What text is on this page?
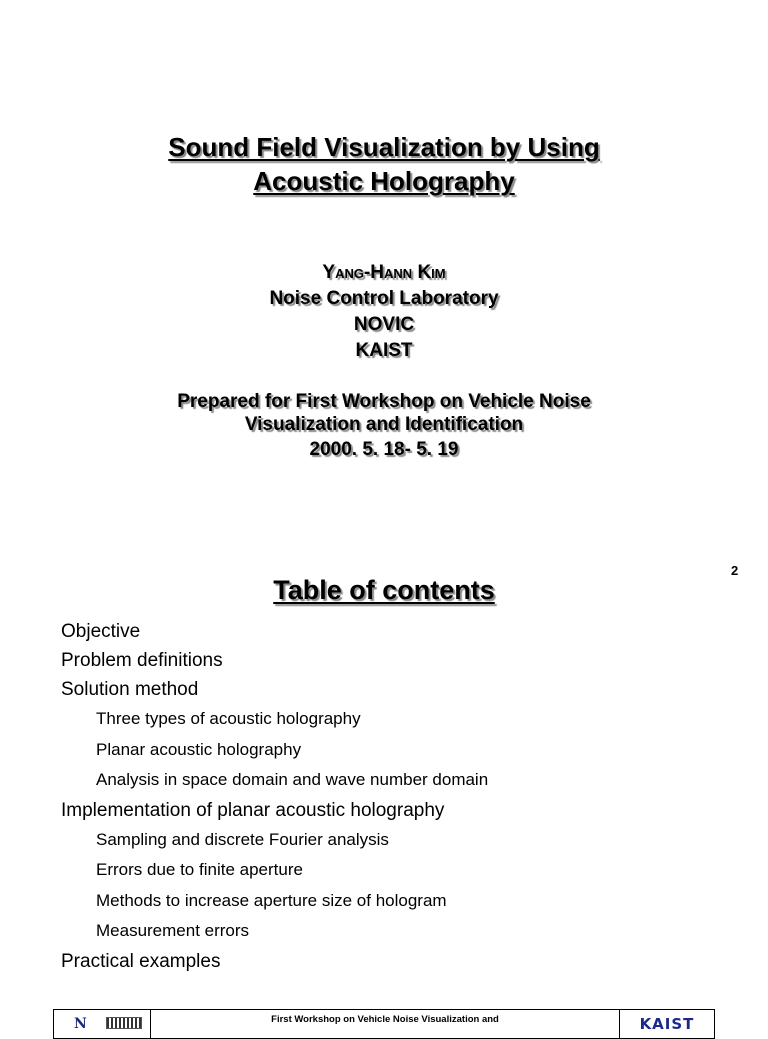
Sound Field Visualization by Using
Acoustic Holography
Yang-Hann Kim
Noise Control Laboratory
NOVIC
KAIST
Prepared for First Workshop on Vehicle Noise
Visualization and Identification
2000. 5. 18- 5. 19
2
Table of contents
Objective
Problem definitions
Solution method
Three types of acoustic holography
Planar acoustic holography
Analysis in space domain and wave number domain
Implementation of planar acoustic holography
Sampling and discrete Fourier analysis
Errors due to finite aperture
Methods to increase aperture size of hologram
Measurement errors
Practical examples
N	First Workshop on Vehicle Noise Visualization and	KAIST
